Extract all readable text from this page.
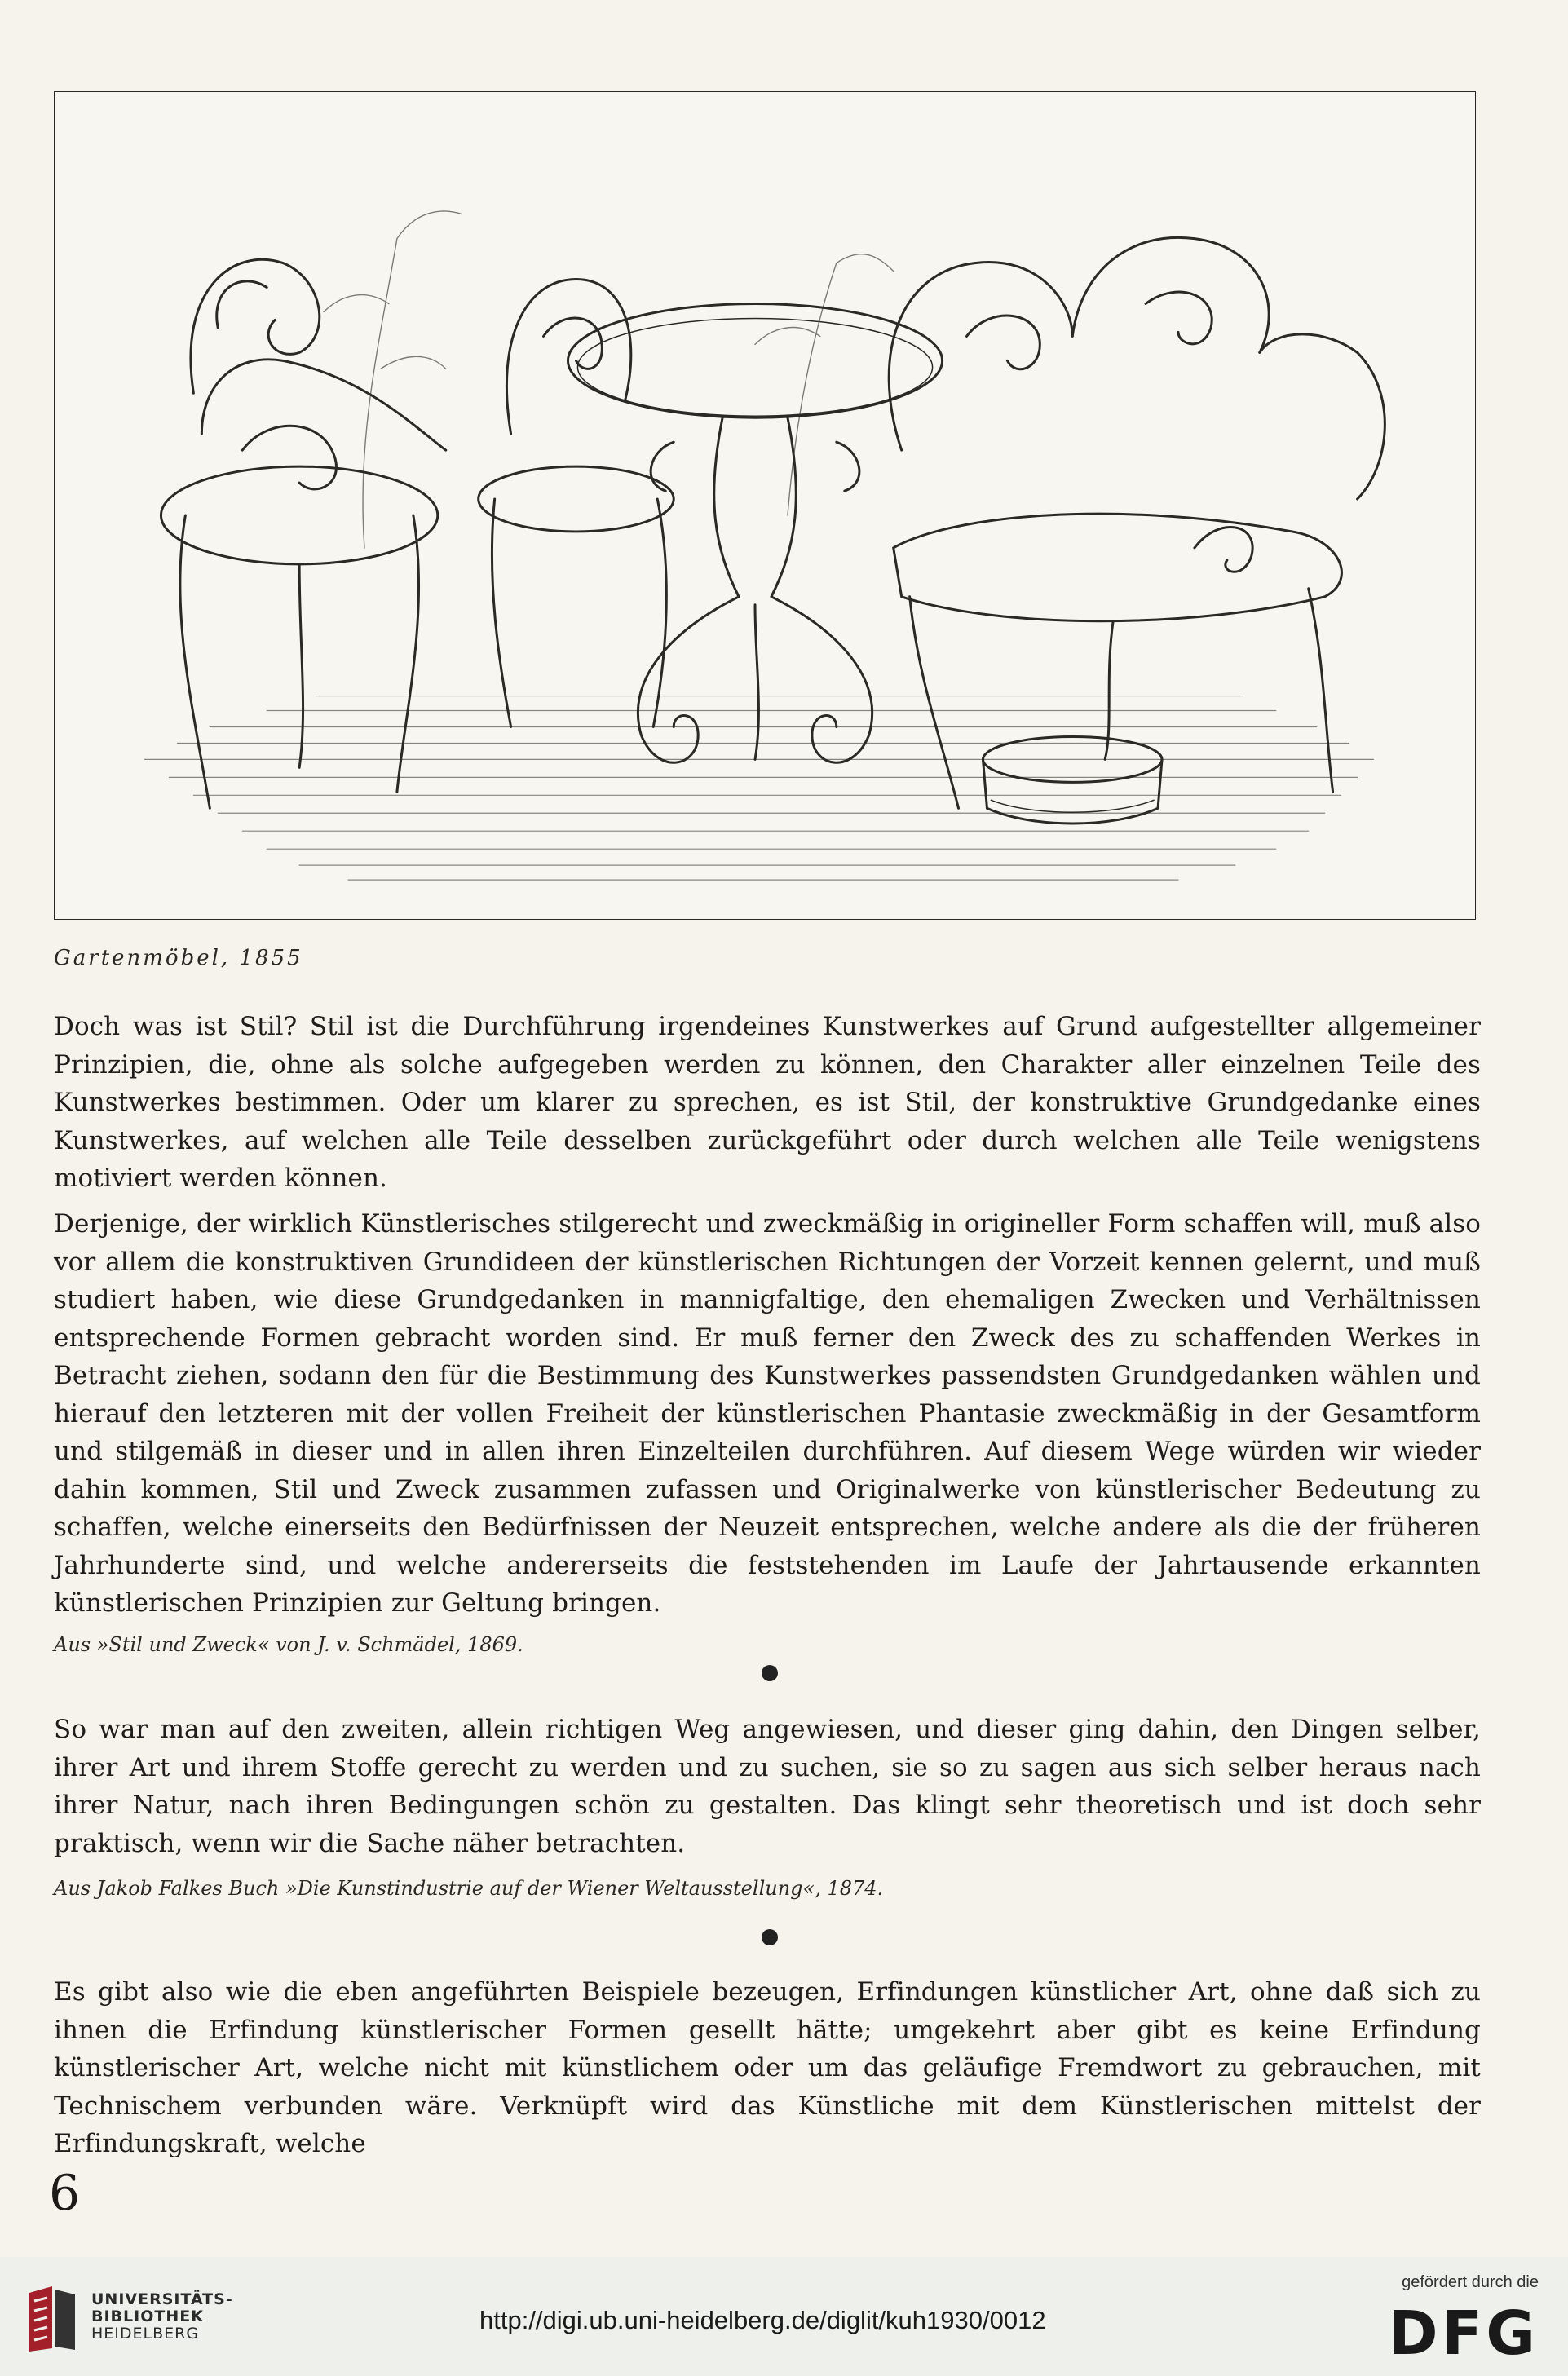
Gartenmöbel, 1855

Doch was ist Stil? Stil ist die Durchführung irgendeines Kunstwerkes auf Grund aufgestellter allgemeiner Prinzipien, die, ohne als solche aufgegeben werden zu können, den Charakter aller einzelnen Teile des Kunstwerkes bestimmen. Oder um klarer zu sprechen, es ist Stil, der konstruktive Grundgedanke eines Kunstwerkes, auf welchen alle Teile desselben zurückgeführt oder durch welchen alle Teile wenigstens motiviert werden können.

Derjenige, der wirklich Künstlerisches stilgerecht und zweckmäßig in origineller Form schaffen will, muß also vor allem die konstruktiven Grundideen der künstlerischen Richtungen der Vorzeit kennen gelernt, und muß studiert haben, wie diese Grundgedanken in mannigfaltige, den ehemaligen Zwecken und Verhältnissen entsprechende Formen gebracht worden sind. Er muß ferner den Zweck des zu schaffenden Werkes in Betracht ziehen, sodann den für die Bestimmung des Kunstwerkes passendsten Grundgedanken wählen und hierauf den letzteren mit der vollen Freiheit der künstlerischen Phantasie zweckmäßig in der Gesamtform und stilgemäß in dieser und in allen ihren Einzelteilen durchführen. Auf diesem Wege würden wir wieder dahin kommen, Stil und Zweck zusammen zufassen und Originalwerke von künstlerischer Bedeutung zu schaffen, welche einerseits den Bedürfnissen der Neuzeit entsprechen, welche andere als die der früheren Jahrhunderte sind, und welche andererseits die feststehenden im Laufe der Jahrtausende erkannten künstlerischen Prinzipien zur Geltung bringen.

Aus »Stil und Zweck« von J. v. Schmädel, 1869.

So war man auf den zweiten, allein richtigen Weg angewiesen, und dieser ging dahin, den Dingen selber, ihrer Art und ihrem Stoffe gerecht zu werden und zu suchen, sie so zu sagen aus sich selber heraus nach ihrer Natur, nach ihren Bedingungen schön zu gestalten. Das klingt sehr theoretisch und ist doch sehr praktisch, wenn wir die Sache näher betrachten.

Aus Jakob Falkes Buch »Die Kunstindustrie auf der Wiener Weltausstellung«, 1874.

Es gibt also wie die eben angeführten Beispiele bezeugen, Erfindungen künstlicher Art, ohne daß sich zu ihnen die Erfindung künstlerischer Formen gesellt hätte; umgekehrt aber gibt es keine Erfindung künstlerischer Art, welche nicht mit künstlichem oder um das geläufige Fremdwort zu gebrauchen, mit Technischem verbunden wäre. Verknüpft wird das Künstliche mit dem Künstlerischen mittelst der Erfindungskraft, welche

6
UNIVERSITÄTS-
BIBLIOTHEK
HEIDELBERG	http://digi.ub.uni-heidelberg.de/diglit/kuh1930/0012
gefördert durch die
DFG
